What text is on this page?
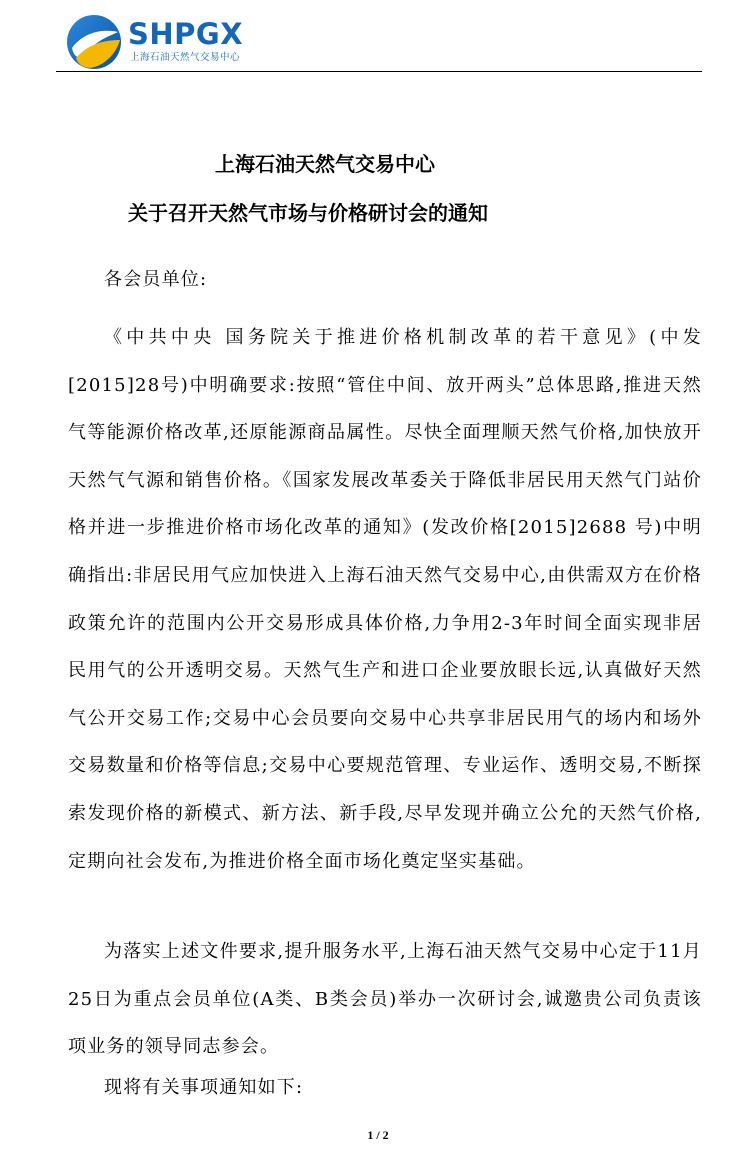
SHPGX
上海石油天然气交易中心
上海石油天然气交易中心
关于召开天然气市场与价格研讨会的通知
各会员单位:
《中共中央 国务院关于推进价格机制改革的若干意见》(中发[2015]28号)中明确要求:按照“管住中间、放开两头”总体思路,推进天然气等能源价格改革,还原能源商品属性。尽快全面理顺天然气价格,加快放开天然气气源和销售价格。《国家发展改革委关于降低非居民用天然气门站价格并进一步推进价格市场化改革的通知》(发改价格[2015]2688 号)中明确指出:非居民用气应加快进入上海石油天然气交易中心,由供需双方在价格政策允许的范围内公开交易形成具体价格,力争用2-3年时间全面实现非居民用气的公开透明交易。天然气生产和进口企业要放眼长远,认真做好天然气公开交易工作;交易中心会员要向交易中心共享非居民用气的场内和场外交易数量和价格等信息;交易中心要规范管理、专业运作、透明交易,不断探索发现价格的新模式、新方法、新手段,尽早发现并确立公允的天然气价格,定期向社会发布,为推进价格全面市场化奠定坚实基础。
为落实上述文件要求,提升服务水平,上海石油天然气交易中心定于11月25日为重点会员单位(A类、B类会员)举办一次研讨会,诚邀贵公司负责该项业务的领导同志参会。
现将有关事项通知如下:
1 / 2
